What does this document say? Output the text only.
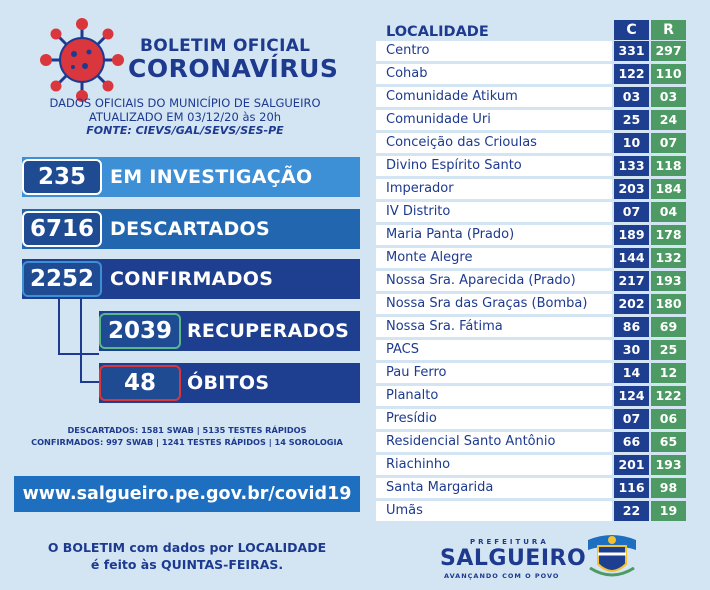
BOLETIM OFICIAL
CORONAVÍRUS
DADOS OFICIAIS DO MUNICÍPIO DE SALGUEIRO
ATUALIZADO EM 03/12/20 às 20h
FONTE: CIEVS/GAL/SEVS/SES-PE
235	EM INVESTIGAÇÃO
6716 DESCARTADOS
2252 CONFIRMADOS
2039 RECUPERADOS
48	ÓBITOS
DESCARTADOS: 1581 SWAB | 5135 TESTES RÁPIDOS
CONFIRMADOS: 997 SWAB | 1241 TESTES RÁPIDOS | 14 SOROLOGIA
www.salgueiro.pe.gov.br/covid19
O BOLETIM com dados por LOCALIDADE
é feito às QUINTAS-FEIRAS.
LOCALIDADE	C	R
Centro	331 297
Cohab	122 110
Comunidade Atikum	03	03
Comunidade Uri	25	24
Conceição das Crioulas	10	07
Divino Espírito Santo	133 118
Imperador	203 184
IV Distrito	07	04
Maria Panta (Prado)	189 178
Monte Alegre	144 132
Nossa Sra. Aparecida (Prado)	217 193
Nossa Sra das Graças (Bomba)	202 180
Nossa Sra. Fátima	86	69
PACS	30	25
Pau Ferro	14	12
Planalto	124 122
Presídio	07	06
Residencial Santo Antônio	66	65
Riachinho	201 193
Santa Margarida	116	98
Umãs	22	19
PREFEITURA
SALGUEIRO
AVANÇANDO COM O POVO
